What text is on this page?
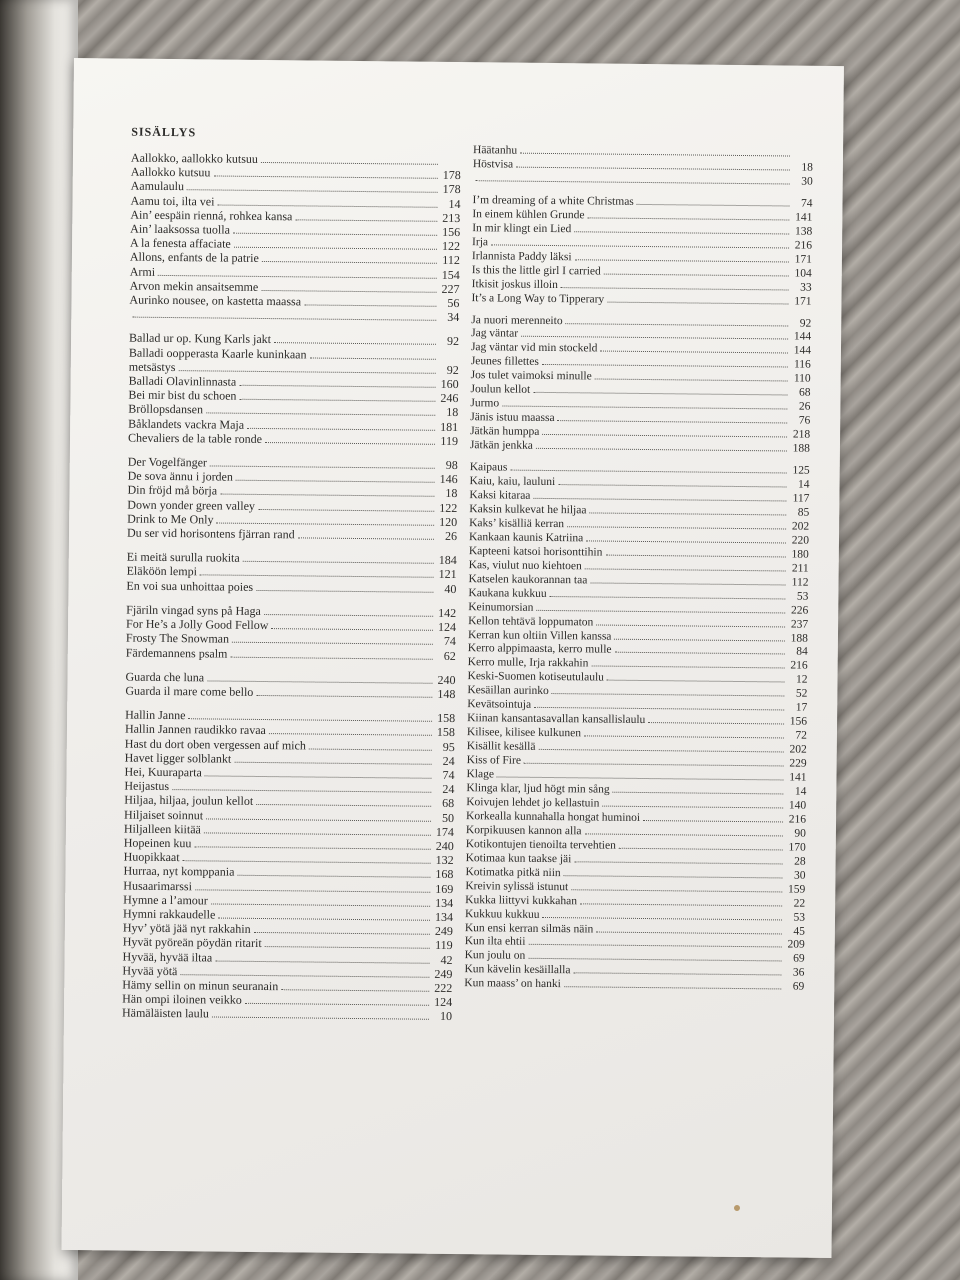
SISÄLLYS
Aallokko, aallokko kutsuu
Aallokko kutsuu	178
Aamulaulu	178
Aamu toi, ilta vei	14
Ain’ eespäin rienná, rohkea kansa	213
Ain’ laaksossa tuolla	156
A la fenesta affaciate	122
Allons, enfants de la patrie	112
Armi	154
Arvon mekin ansaitsemme	227
Aurinko nousee, on kastetta maassa	56
34
Ballad ur op. Kung Karls jakt	92
Balladi oopperasta Kaarle kuninkaan
metsästys	92
Balladi Olavinlinnasta	160
Bei mir bist du schoen	246
Bröllopsdansen	18
Båklandets vackra Maja	181
Chevaliers de la table ronde	119
Der Vogelfänger	98
De sova ännu i jorden	146
Din fröjd må börja	18
Down yonder green valley	122
Drink to Me Only	120
Du ser vid horisontens fjärran rand	26
Ei meitä surulla ruokita	184
Eläköön lempi	121
En voi sua unhoittaa poies	40
Fjäriln vingad syns på Haga	142
For He’s a Jolly Good Fellow	124
Frosty The Snowman	74
Färdemannens psalm	62
Guarda che luna	240
Guarda il mare come bello	148
Hallin Janne	158
Hallin Jannen raudikko ravaa	158
Hast du dort oben vergessen auf mich	95
Havet ligger solblankt	24
Hei, Kuuraparta	74
Heijastus	24
Hiljaa, hiljaa, joulun kellot	68
Hiljaiset soinnut	50
Hiljalleen kiitää	174
Hopeinen kuu	240
Huopikkaat	132
Hurraa, nyt komppania	168
Husaarimarssi	169
Hymne a l’amour	134
Hymni rakkaudelle	134
Hyv’ yötä jää nyt rakkahin	249
Hyvät pyöreän pöydän ritarit	119
Hyvää, hyvää iltaa	42
Hyvää yötä	249
Hämy sellin on minun seuranain	222
Hän ompi iloinen veikko	124
Hämäläisten laulu	10
Häätanhu
Höstvisa	18
30
I’m dreaming of a white Christmas	74
In einem kühlen Grunde	141
In mir klingt ein Lied	138
Irja	216
Irlannista Paddy läksi	171
Is this the little girl I carried	104
Itkisit joskus illoin	33
It’s a Long Way to Tipperary	171
Ja nuori merenneito	92
Jag väntar	144
Jag väntar vid min stockeld	144
Jeunes fillettes	116
Jos tulet vaimoksi minulle	110
Joulun kellot	68
Jurmo	26
Jänis istuu maassa	76
Jätkän humppa	218
Jätkän jenkka	188
Kaipaus	125
Kaiu, kaiu, lauluni	14
Kaksi kitaraa	117
Kaksin kulkevat he hiljaa	85
Kaks’ kisälliä kerran	202
Kankaan kaunis Katriina	220
Kapteeni katsoi horisonttihin	180
Kas, viulut nuo kiehtoen	211
Katselen kaukorannan taa	112
Kaukana kukkuu	53
Keinumorsian	226
Kellon tehtävä loppumaton	237
Kerran kun oltiin Villen kanssa	188
Kerro alppimaasta, kerro mulle	84
Kerro mulle, Irja rakkahin	216
Keski-Suomen kotiseutulaulu	12
Kesäillan aurinko	52
Kevätsointuja	17
Kiinan kansantasavallan kansallislaulu	156
Kilisee, kilisee kulkunen	72
Kisällit kesällä	202
Kiss of Fire	229
Klage	141
Klinga klar, ljud högt min sång	14
Koivujen lehdet jo kellastuin	140
Korkealla kunnahalla hongat huminoi	216
Korpikuusen kannon alla	90
Kotikontujen tienoilta tervehtien	170
Kotimaa kun taakse jäi	28
Kotimatka pitkä niin	30
Kreivin sylissä istunut	159
Kukka liittyvi kukkahan	22
Kukkuu kukkuu	53
Kun ensi kerran silmäs näin	45
Kun ilta ehtii	209
Kun joulu on	69
Kun kävelin kesäillalla	36
Kun maass’ on hanki	69
